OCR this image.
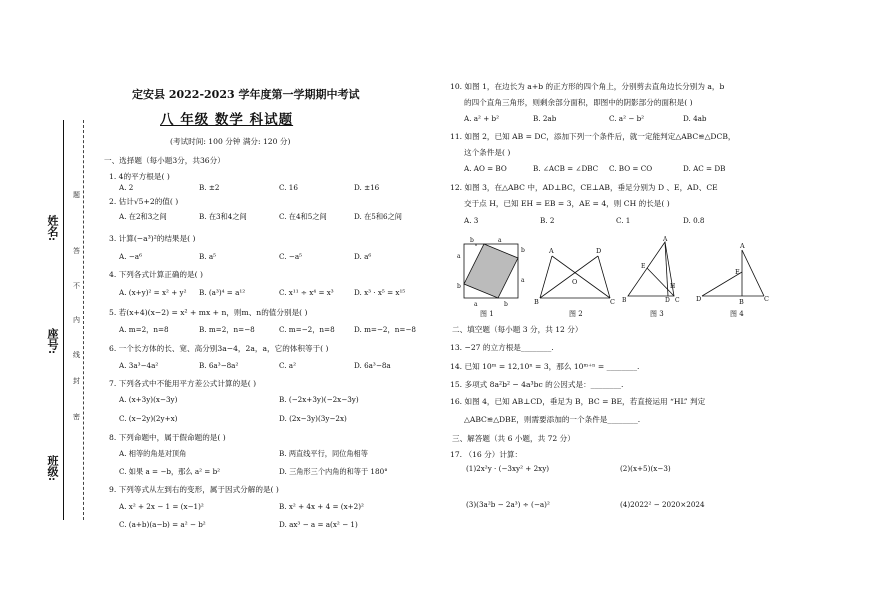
姓名:
座号:
班级:
题
答
不
内
线
封
密
定安县 2022-2023 学年度第一学期期中考试
八 年级 数学 科试题
(考试时间: 100 分钟 满分: 120 分)
一、选择题（每小题3分，共36分）
1. 4的平方根是( )
A. 2	B. ±2	C. 16	D. ±16
2. 估计√5+2的值( )
A. 在2和3之间	B. 在3和4之间	C. 在4和5之间	D. 在5和6之间
3. 计算(−a³)²的结果是( )
A. −a⁶	B. a⁵	C. −a⁵	D. a⁶
4. 下列各式计算正确的是( )
A. (x+y)² = x² + y² B. (a³)⁴ = a¹²	C. x¹¹ ÷ x⁴ = x³	D. x³ · x⁵ = x¹⁵
5. 若(x+4)(x−2) = x² + mx + n，则m、n的值分别是( )
A. m=2，n=8	B. m=2，n=−8	C. m=−2，n=8	D. m=−2，n=−8
6. 一个长方体的长、宽、高分别3a−4，2a，a，它的体积等于( )
A. 3a³−4a²	B. 6a³−8a²	C. a²	D. 6a³−8a
7. 下列各式中不能用平方差公式计算的是( )
A. (x+3y)(x−3y)	B. (−2x+3y)(−2x−3y)
C. (x−2y)(2y+x)	D. (2x−3y)(3y−2x)
8. 下列命题中，属于假命题的是( )
A. 相等的角是对顶角	B. 两直线平行，同位角相等
C. 如果 a = −b，那么 a² = b²	D. 三角形三个内角的和等于 180°
9. 下列等式从左到右的变形，属于因式分解的是( )
A. x² + 2x − 1 = (x−1)²	B. x² + 4x + 4 = (x+2)²
C. (a+b)(a−b) = a² − b²	D. ax³ − a = a(x² − 1)
10. 如图 1，在边长为 a+b 的正方形的四个角上，分别剪去直角边长分别为 a，b
的四个直角三角形，则剩余部分面积，即图中的阴影部分的面积是( )
A. a² + b²	B. 2ab	C. a² − b²	D. 4ab
11. 如图 2，已知 AB = DC，添加下列一个条件后，就一定能判定△ABC≌△DCB，
这个条件是( )
A. AO = BO	B. ∠ACB = ∠DBC C. BO = CO	D. AC = DB
12. 如图 3，在△ABC 中，AD⊥BC，CE⊥AB，垂足分别为 D 、E，AD、CE
交于点 H，已知 EH = EB = 3，AE = 4，则 CH 的长是( )
A. 3	B. 2	C. 1	D. 0.8
b	a
a
b
b
a
a	b
A	D
O
B	C
A
E
H
B	D C
A
E
D	B	C
图 1	图 2	图 3	图 4
二、填空题（每小题 3 分，共 12 分）
13. −27 的立方根是________.
14. 已知 10ᵐ = 12,10ⁿ = 3，那么 10ᵐ⁺ⁿ = ________.
15. 多项式 8a²b² − 4a³bc 的公因式是：________.
16. 如图 4，已知 AB⊥CD，垂足为 B，BC = BE，若直接运用 “HL” 判定
△ABC≌△DBE，则需要添加的一个条件是________.
三、解答题（共 6 小题，共 72 分）
17. （16 分）计算：
(1)2x²y · (−3xy² + 2xy)	(2)(x+5)(x−3)
(3)(3a²b − 2a³) ÷ (−a)²	(4)2022² − 2020×2024
